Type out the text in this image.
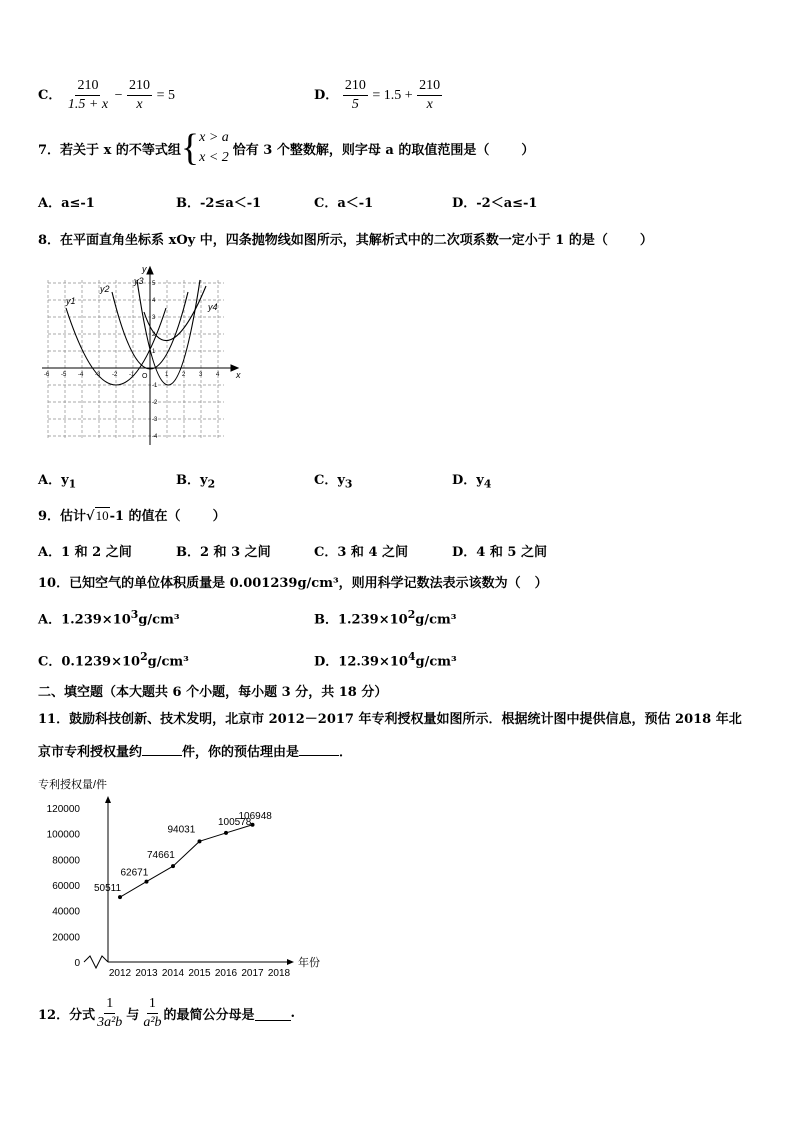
C． $\frac{210}{1.5 + x} - \frac{210}{x} = 5$	D． $\frac{210}{5} = 1.5 + \frac{210}{x}$
7．若关于 x 的不等式组 { x > a
x < 2 恰有 3 个整数解，则字母 a 的取值范围是（ ）
A．a≤-1	B．-2≤a＜-1	C．a＜-1	D．-2＜a≤-1
8．在平面直角坐标系 xOy 中，四条抛物线如图所示，其解析式中的二次项系数一定小于 1 的是（ ）
x
y
O
-6 -5 -4 -3 -2 -1	1 2 3 4
5
4
3
2
1
-1
-2
-3
-4
y1
y2
y3
y4
A．$y_1$	B．$y_2$	C．$y_3$	D．$y_4$
9．估计√10-1 的值在（ ）
A．1 和 2 之间	B．2 和 3 之间	C．3 和 4 之间	D．4 和 5 之间
10．已知空气的单位体积质量是 0.001239g/cm³，则用科学记数法表示该数为（ ）
A．$1.239\times 10^3g$/cm³	B．$1.239\times 10^2g$/cm³
C．$0.1239\times 10^2g$/cm³	D．$12.39\times 10^4g$/cm³
二、填空题（本大题共 6 个小题，每小题 3 分，共 18 分）
11．鼓励科技创新、技术发明，北京市 2012－2017 年专利授权量如图所示．根据统计图中提供信息，预估 2018 年北
京市专利授权量约	件，你的预估理由是	．
专利授权量/件
0
20000
40000
60000
80000
100000
120000
年份
2012 2013 2014 2015 2016 2017 2018
50511
62671
74661
94031
100578
106948
12．分式 $\frac{1}{\text{3a²b}}$ 与 $\frac{1}{\text{a²b}}$ 的最简公分母是	.
